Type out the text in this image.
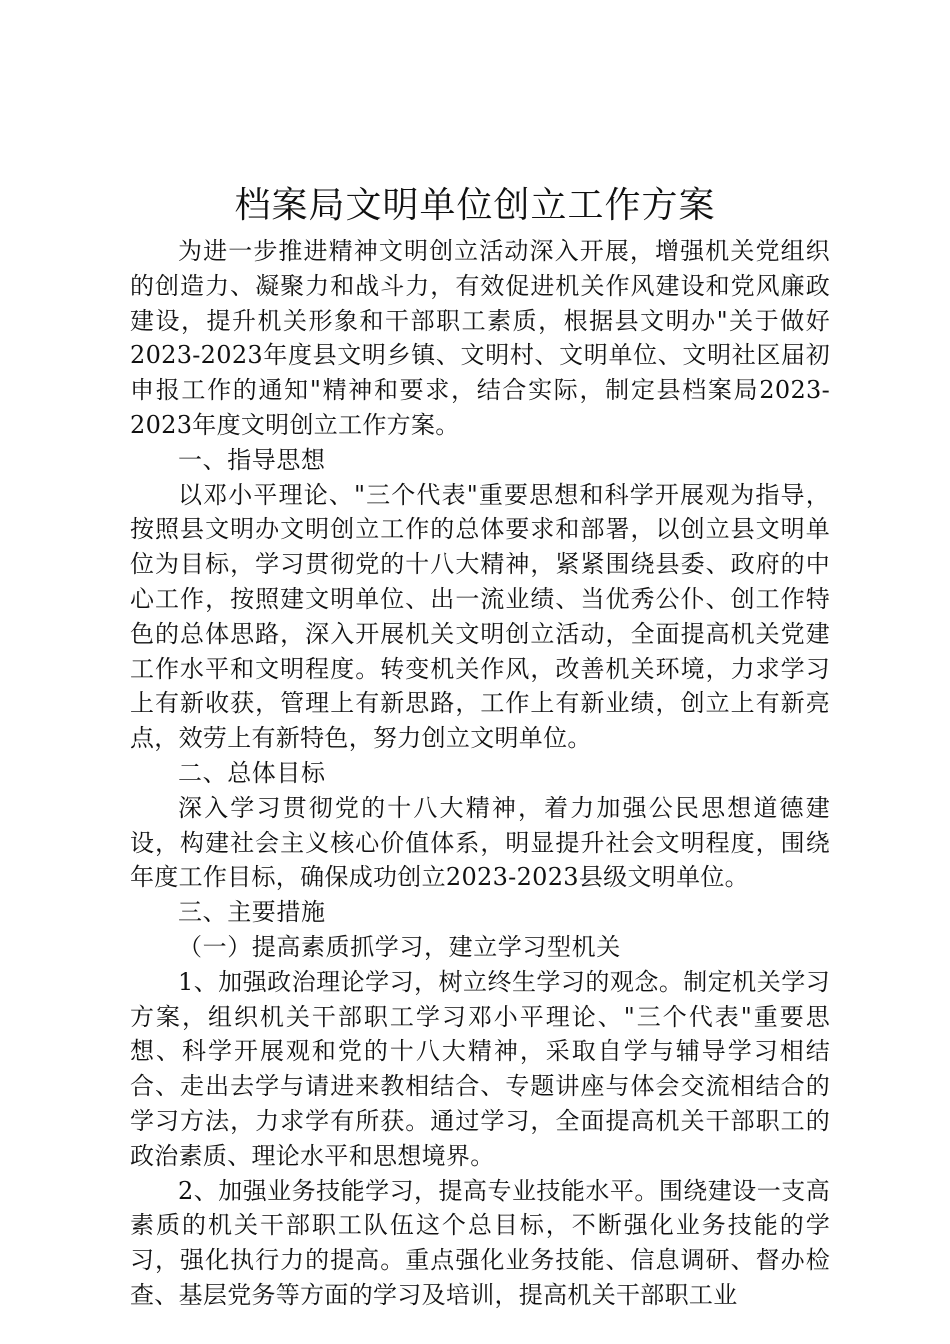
档案局文明单位创立工作方案

为进一步推进精神文明创立活动深入开展，增强机关党组织的创造力、凝聚力和战斗力，有效促进机关作风建设和党风廉政建设，提升机关形象和干部职工素质，根据县文明办"关于做好2023-2023年度县文明乡镇、文明村、文明单位、文明社区届初申报工作的通知"精神和要求，结合实际，制定县档案局2023-2023年度文明创立工作方案。

一、指导思想

以邓小平理论、"三个代表"重要思想和科学开展观为指导，按照县文明办文明创立工作的总体要求和部署，以创立县文明单位为目标，学习贯彻党的十八大精神，紧紧围绕县委、政府的中心工作，按照建文明单位、出一流业绩、当优秀公仆、创工作特色的总体思路，深入开展机关文明创立活动，全面提高机关党建工作水平和文明程度。转变机关作风，改善机关环境，力求学习上有新收获，管理上有新思路，工作上有新业绩，创立上有新亮点，效劳上有新特色，努力创立文明单位。

二、总体目标

深入学习贯彻党的十八大精神，着力加强公民思想道德建设，构建社会主义核心价值体系，明显提升社会文明程度，围绕年度工作目标，确保成功创立2023-2023县级文明单位。

三、主要措施

（一）提高素质抓学习，建立学习型机关

1、加强政治理论学习，树立终生学习的观念。制定机关学习方案，组织机关干部职工学习邓小平理论、"三个代表"重要思想、科学开展观和党的十八大精神，采取自学与辅导学习相结合、走出去学与请进来教相结合、专题讲座与体会交流相结合的学习方法，力求学有所获。通过学习，全面提高机关干部职工的政治素质、理论水平和思想境界。

2、加强业务技能学习，提高专业技能水平。围绕建设一支高素质的机关干部职工队伍这个总目标，不断强化业务技能的学习，强化执行力的提高。重点强化业务技能、信息调研、督办检查、基层党务等方面的学习及培训，提高机关干部职工业
